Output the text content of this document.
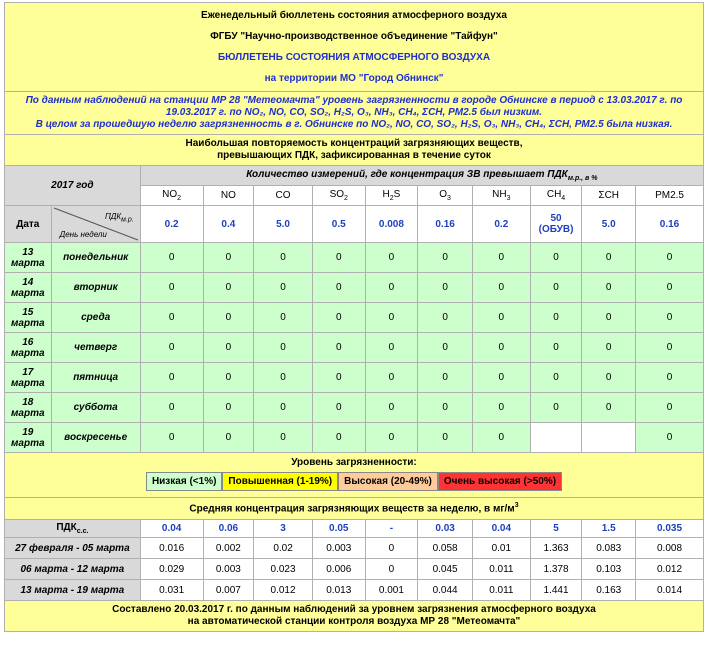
Еженедельный бюллетень состояния атмосферного воздуха
ФГБУ "Научно-производственное объединение "Тайфун"
БЮЛЛЕТЕНЬ СОСТОЯНИЯ АТМОСФЕРНОГО ВОЗДУХА
на территории МО "Город Обнинск"											

По данным наблюдений на станции МР 28 "Метеомачта" уровень загрязненности в городе Обнинске в период с 13.03.2017 г. по 19.03.2017 г. по NO₂, NO, CO, SO₂, H₂S, O₃, NH₃, CH₄, ΣCH, PM2.5 был низким.
В целом за прошедшую неделю загрязненность в г. Обнинске по NO₂, NO, CO, SO₂, H₂S, O₃, NH₃, CH₄, ΣCH, PM2.5 была низкая.											

Наибольшая повторяемость концентраций загрязняющих веществ,
превышающих ПДК, зафиксированная в течение суток											

2017 год		Количество измерений, где концентрация ЗВ превышает $ПДК_{м.р., в \%}$
		$NO_2$	NO	CO	$SO_2$	$H_2S$	$O_3$	$NH_3$	$CH_4$	ΣCH	PM2.5
Дата	$ПДК_{м.р.}$
День недели	0.2	0.4	5.0	0.5	0.008	0.16	0.2	50 (ОБУВ)	5.0	0.16
13 марта	понедельник	0	0	0	0	0	0	0	0	0	0
14 марта	вторник	0	0	0	0	0	0	0	0	0	0
15 марта	среда	0	0	0	0	0	0	0	0	0	0
16 марта	четверг	0	0	0	0	0	0	0	0	0	0
17 марта	пятница	0	0	0	0	0	0	0	0	0	0
18 марта	суббота	0	0	0	0	0	0	0	0	0	0
19 марта	воскресенье	0	0	0	0	0	0	0			0

Уровень загрязненности:
Низкая (<1%) Повышенная (1-19%) Высокая (20-49%) Очень высокая (>50%)											

Средняя концентрация загрязняющих веществ за неделю, в $мг/м^3$
$ПДК_{с.с.}$		0.04	0.06	3	0.05	-	0.03	0.04	5	1.5	0.035
27 февраля - 05 марта		0.016	0.002	0.02	0.003	0	0.058	0.01	1.363	0.083	0.008
06 марта - 12 марта		0.029	0.003	0.023	0.006	0	0.045	0.011	1.378	0.103	0.012
13 марта - 19 марта		0.031	0.007	0.012	0.013	0.001	0.044	0.011	1.441	0.163	0.014

Составлено 20.03.2017 г. по данным наблюдений за уровнем загрязнения атмосферного воздуха
на автоматической станции контроля воздуха МР 28 "Метеомачта"											
